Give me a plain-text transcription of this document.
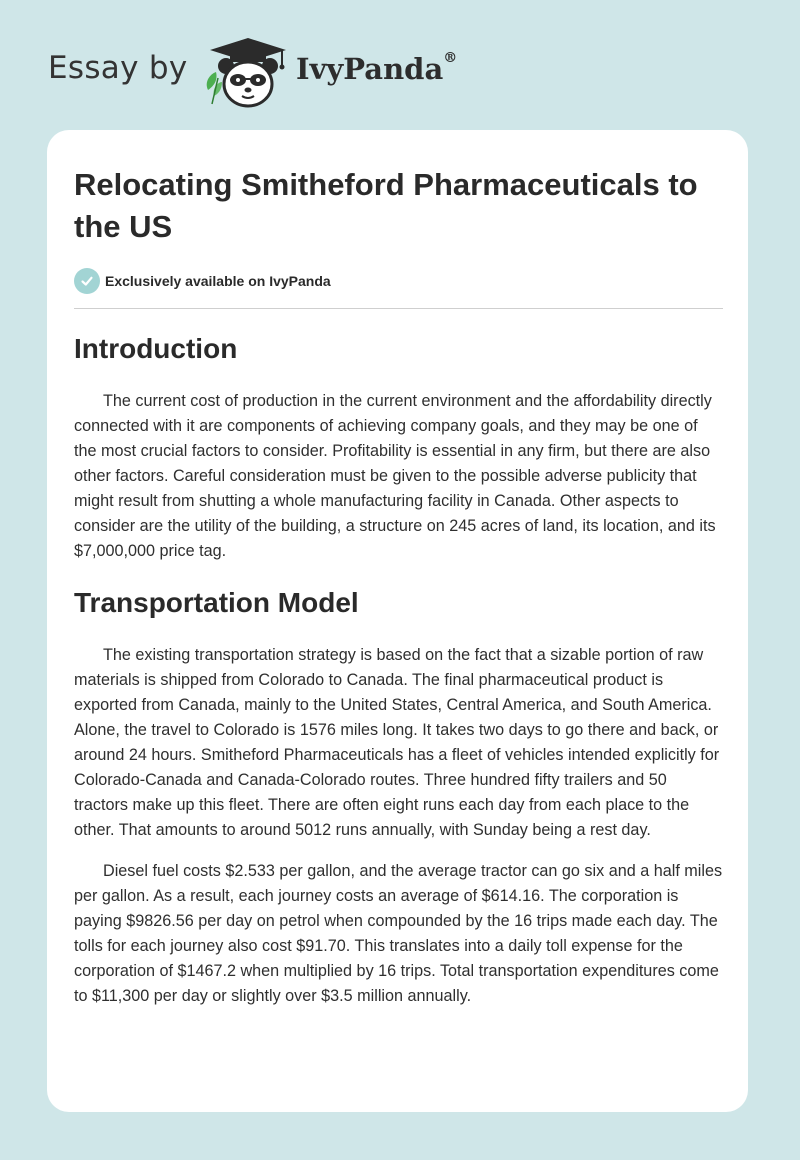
Essay by	IvyPanda®
Relocating Smitheford Pharmaceuticals to the US
Exclusively available on IvyPanda
Introduction

The current cost of production in the current environment and the affordability directly connected with it are components of achieving company goals, and they may be one of the most crucial factors to consider. Profitability is essential in any firm, but there are also other factors. Careful consideration must be given to the possible adverse publicity that might result from shutting a whole manufacturing facility in Canada. Other aspects to consider are the utility of the building, a structure on 245 acres of land, its location, and its $7,000,000 price tag.

Transportation Model

The existing transportation strategy is based on the fact that a sizable portion of raw materials is shipped from Colorado to Canada. The final pharmaceutical product is exported from Canada, mainly to the United States, Central America, and South America. Alone, the travel to Colorado is 1576 miles long. It takes two days to go there and back, or around 24 hours. Smitheford Pharmaceuticals has a fleet of vehicles intended explicitly for Colorado-Canada and Canada-Colorado routes. Three hundred fifty trailers and 50 tractors make up this fleet. There are often eight runs each day from each place to the other. That amounts to around 5012 runs annually, with Sunday being a rest day.

Diesel fuel costs $2.533 per gallon, and the average tractor can go six and a half miles per gallon. As a result, each journey costs an average of $614.16. The corporation is paying $9826.56 per day on petrol when compounded by the 16 trips made each day. The tolls for each journey also cost $91.70. This translates into a daily toll expense for the corporation of $1467.2 when multiplied by 16 trips. Total transportation expenditures come to $11,300 per day or slightly over $3.5 million annually.
